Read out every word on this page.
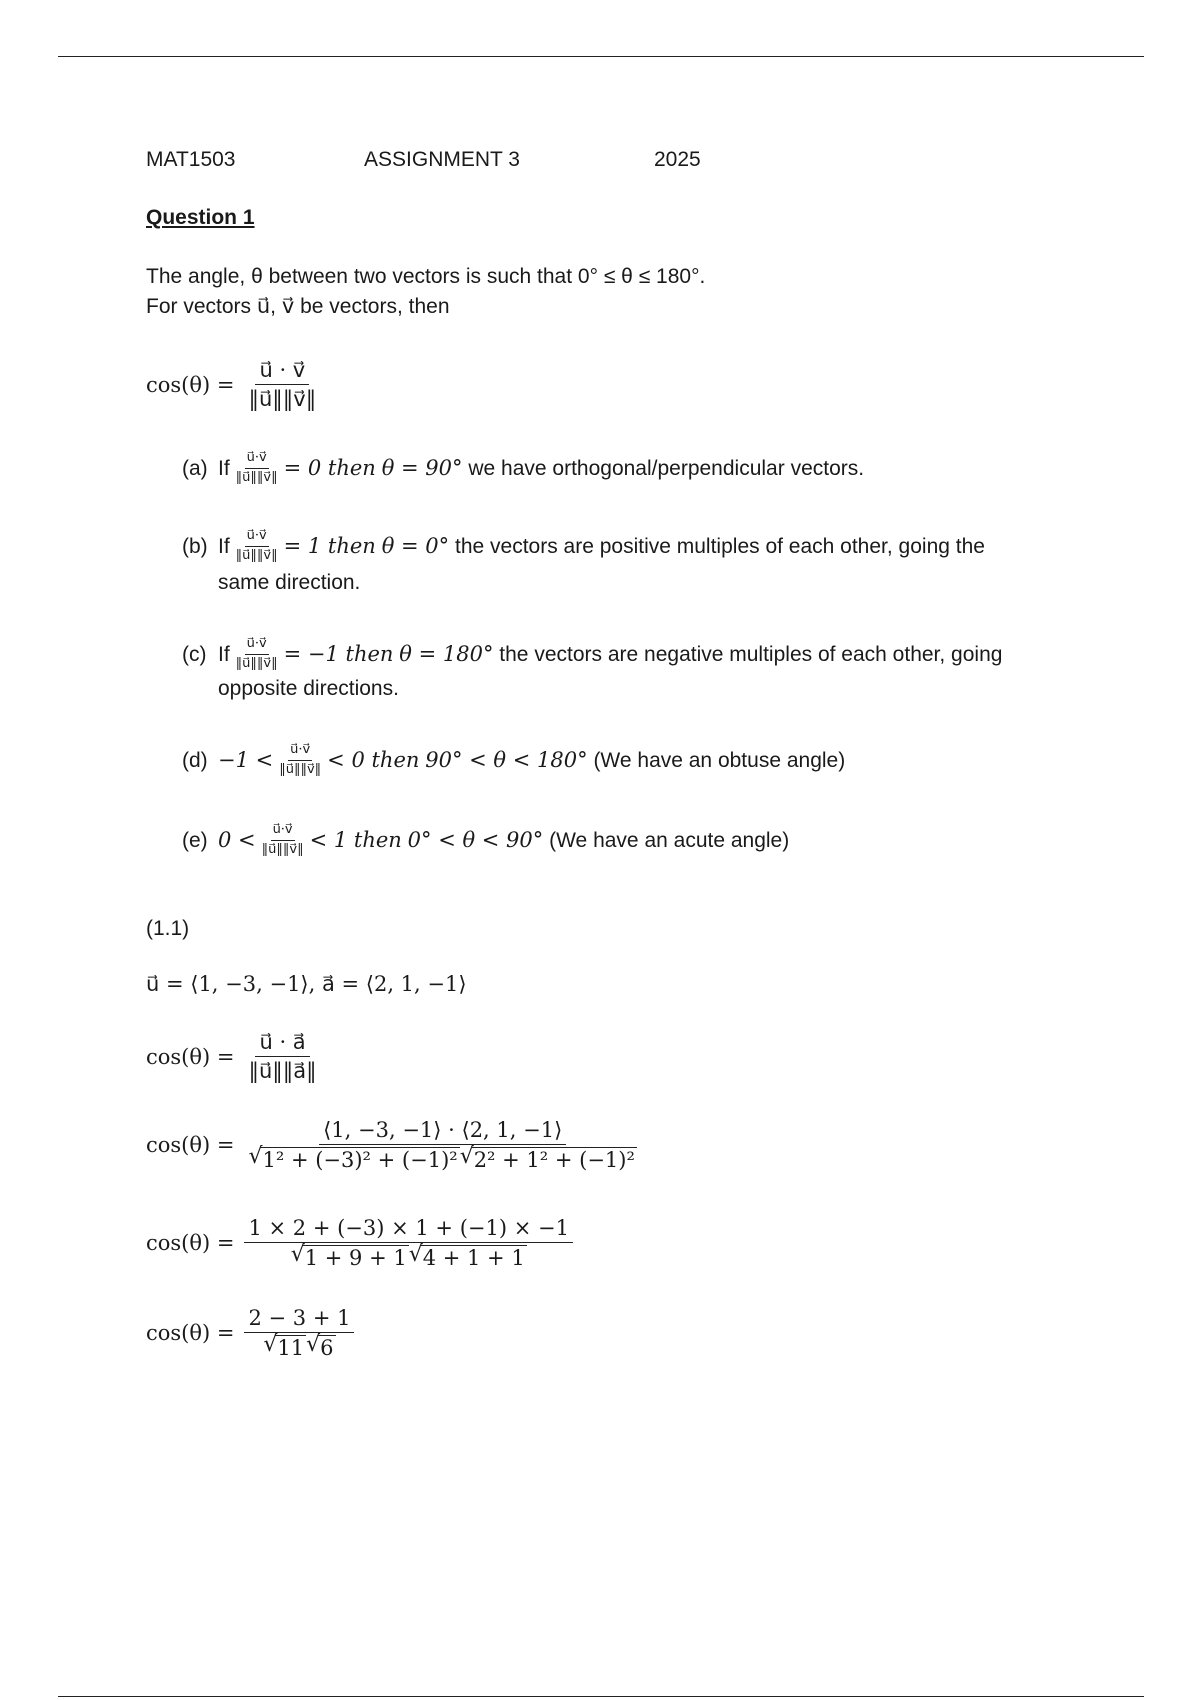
MAT1503	ASSIGNMENT 3	2025
Question 1
The angle, θ between two vectors is such that 0° ≤ θ ≤ 180°.
For vectors u⃗, v⃗ be vectors, then
$\cos(\theta) = \frac{u⃗ \cdot v⃗}{‖u⃗‖‖v⃗‖}$
(a) If $\frac{u⃗\cdot v⃗}{‖u⃗‖‖v⃗‖} = 0$ then
θ = 90°
we have orthogonal/perpendicular vectors.
(b) If $\frac{u⃗\cdot v⃗}{‖u⃗‖‖v⃗‖} = 1$ then
θ = 0°
the vectors are positive multiples of each other, going the
same direction.
(c) If $\frac{u⃗\cdot v⃗}{‖u⃗‖‖v⃗‖} = -1$ then
θ = 180°
the vectors are negative multiples of each other, going
opposite directions.
$(d) -1 < \frac{u⃗\cdot v⃗}{‖u⃗‖‖v⃗‖} < 0$ then
90° < θ < 180°
(We have an obtuse angle)
(e) $0 < \frac{u⃗\cdot v⃗}{‖u⃗‖‖v⃗‖} < 1$ then
0° < θ < 90°
(We have an acute angle)
(1.1)
u⃗ = ⟨1, −3, −1⟩, a⃗ = ⟨2, 1, −1⟩
$\cos(\theta) = \frac{u⃗ \cdot a⃗}{‖u⃗‖‖a⃗‖}$
cos(θ) = ⟨1, −3, −1⟩ · ⟨2, 1, −1⟩
√ 1² + (−3)² + (−1)² √ 2² + 1² + (−1)²
cos(θ) = 1 × 2 + (−3) × 1 + (−1) × −1
√ 1 + 9 + 1 √ 4 + 1 + 1
cos(θ) = 2 − 3 + 1
√ 11 √ 6
